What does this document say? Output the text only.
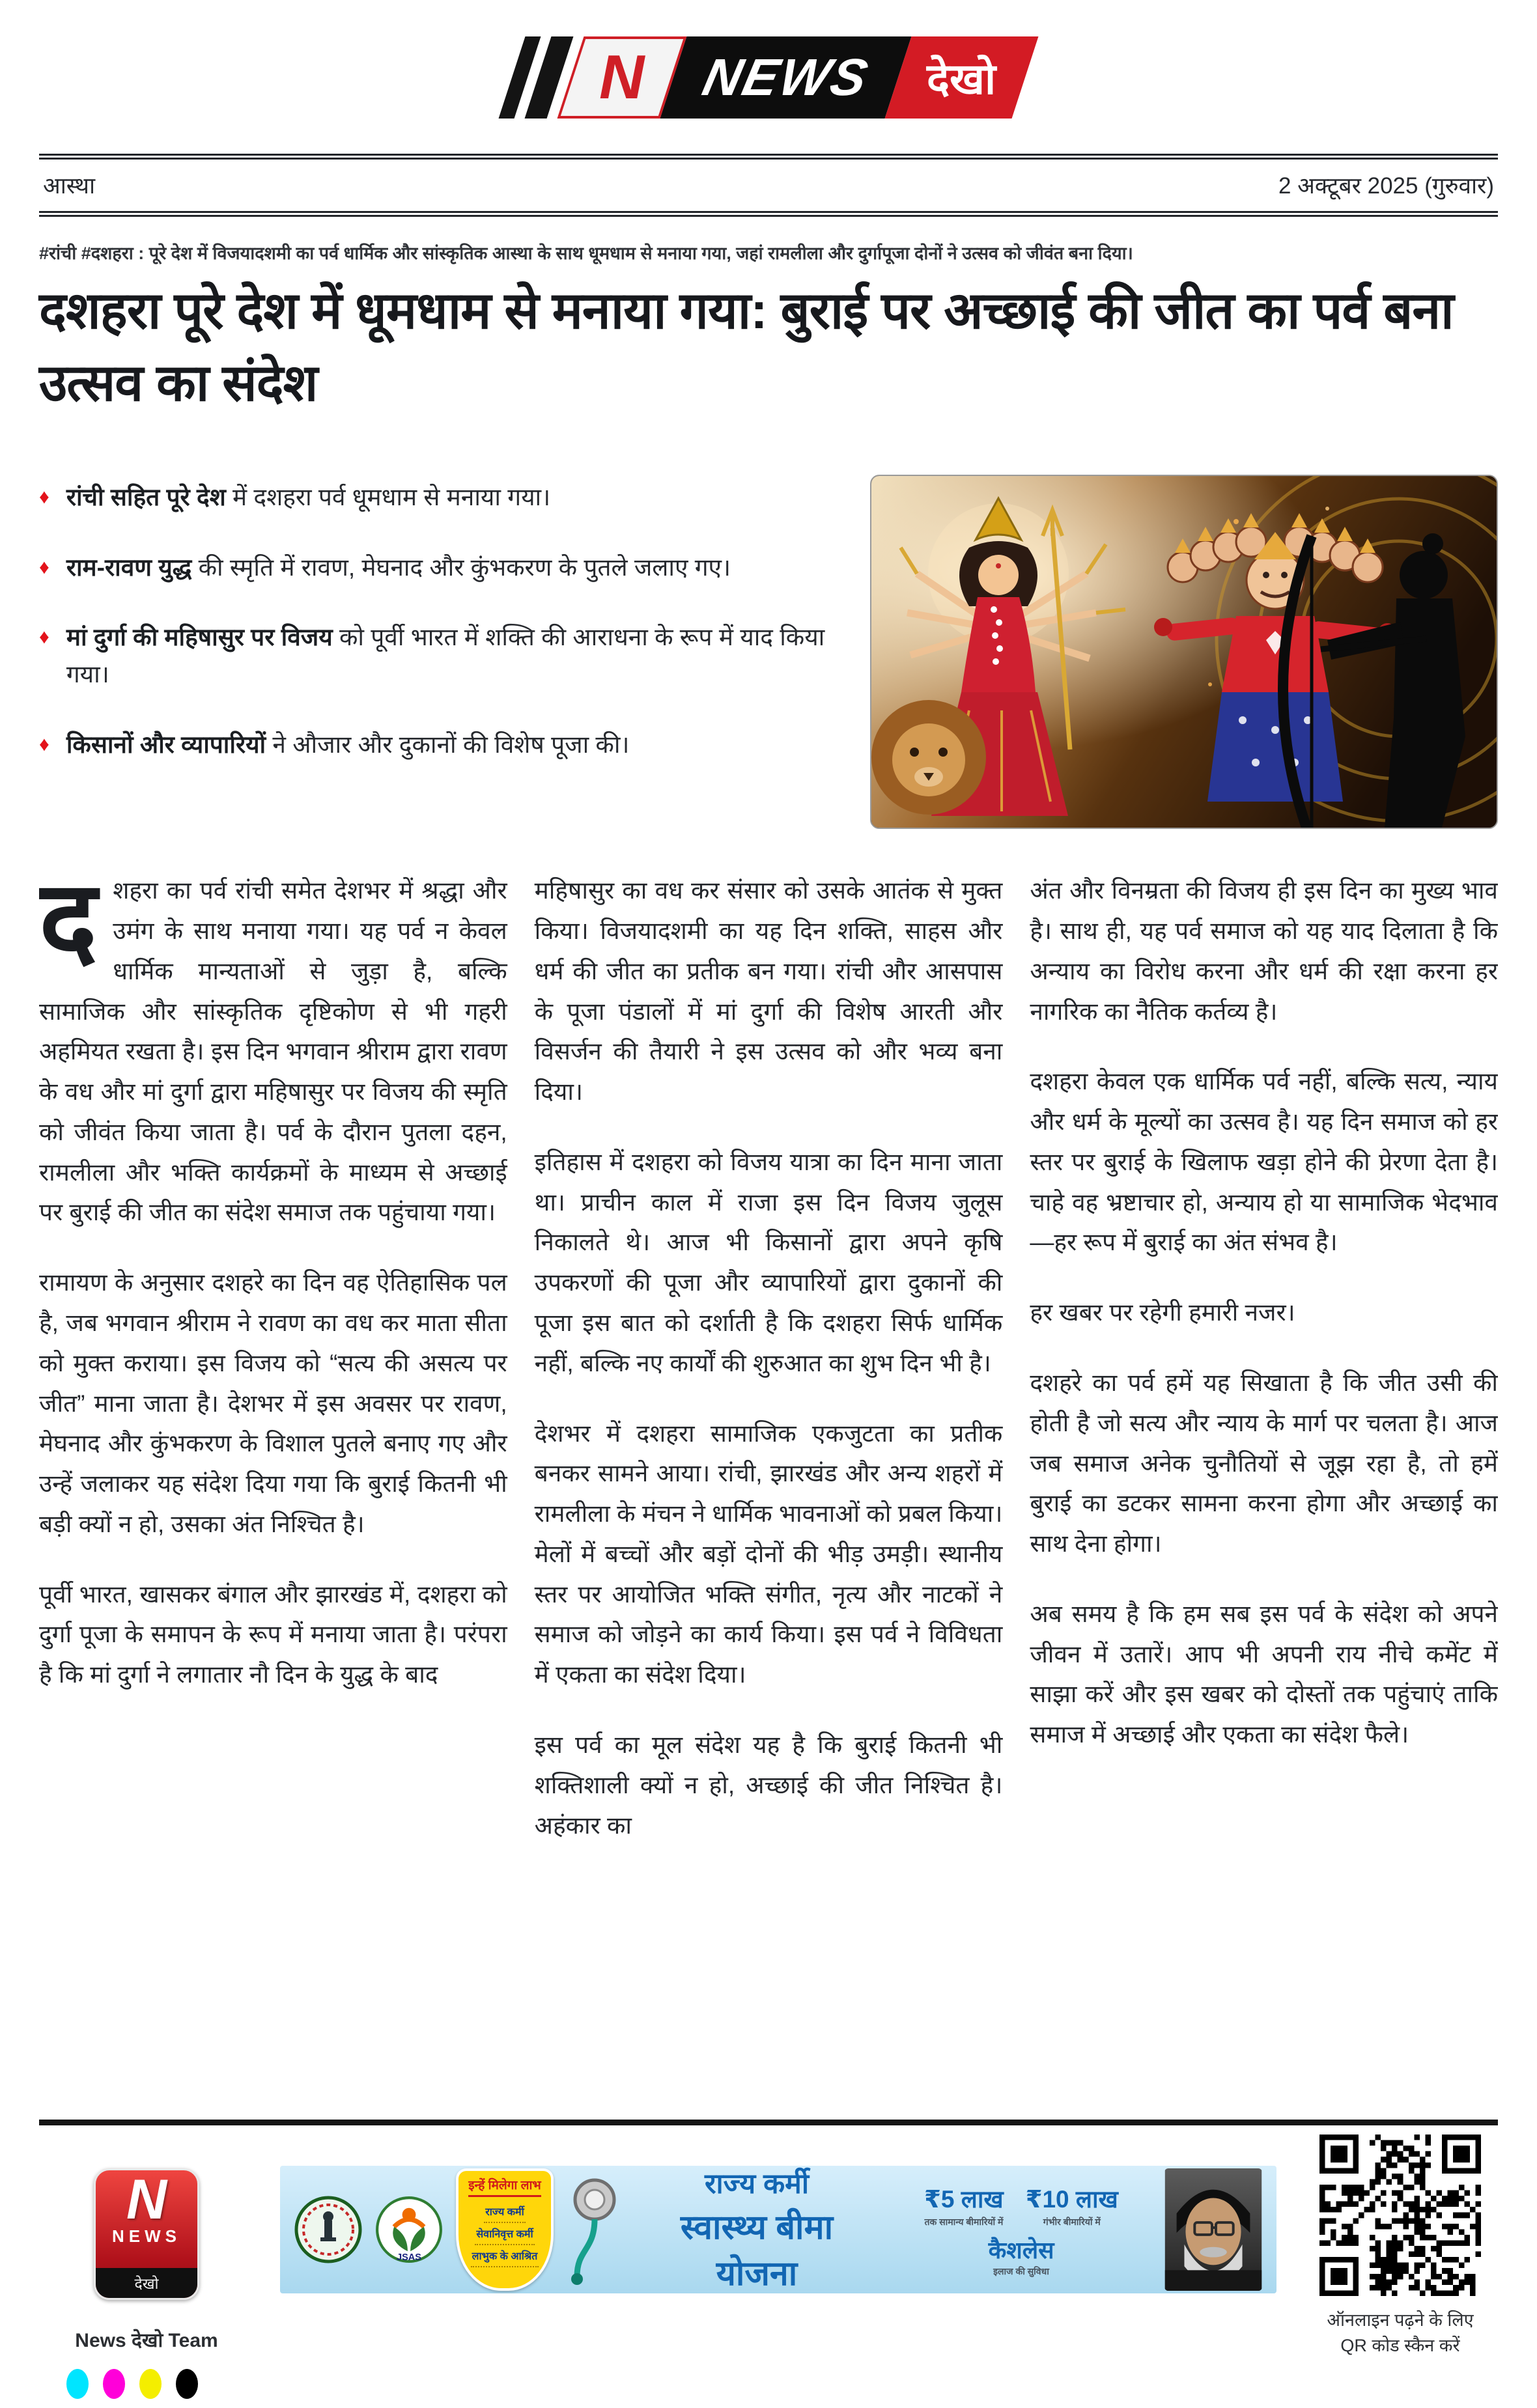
N NEWS देखो
आस्था	2 अक्टूबर 2025 (गुरुवार)
#रांची #दशहरा : पूरे देश में विजयादशमी का पर्व धार्मिक और सांस्कृतिक आस्था के साथ धूमधाम से मनाया गया, जहां रामलीला और दुर्गापूजा दोनों ने उत्सव को जीवंत बना दिया।
दशहरा पूरे देश में धूमधाम से मनाया गया: बुराई पर अच्छाई की जीत का पर्व बना उत्सव का संदेश
♦ रांची सहित पूरे देश में दशहरा पर्व धूमधाम से मनाया गया।
♦ राम-रावण युद्ध की स्मृति में रावण, मेघनाद और कुंभकरण के पुतले जलाए गए।
♦ मां दुर्गा की महिषासुर पर विजय को पूर्वी भारत में शक्ति की आराधना के रूप में याद किया गया।
♦ किसानों और व्यापारियों ने औजार और दुकानों की विशेष पूजा की।

दशहरा का पर्व रांची समेत देशभर में श्रद्धा और उमंग के साथ मनाया गया। यह पर्व न केवल धार्मिक मान्यताओं से जुड़ा है, बल्कि सामाजिक और सांस्कृतिक दृष्टिकोण से भी गहरी अहमियत रखता है। इस दिन भगवान श्रीराम द्वारा रावण के वध और मां दुर्गा द्वारा महिषासुर पर विजय की स्मृति को जीवंत किया जाता है। पर्व के दौरान पुतला दहन, रामलीला और भक्ति कार्यक्रमों के माध्यम से अच्छाई पर बुराई की जीत का संदेश समाज तक पहुंचाया गया।

रामायण के अनुसार दशहरे का दिन वह ऐतिहासिक पल है, जब भगवान श्रीराम ने रावण का वध कर माता सीता को मुक्त कराया। इस विजय को “सत्य की असत्य पर जीत” माना जाता है। देशभर में इस अवसर पर रावण, मेघनाद और कुंभकरण के विशाल पुतले बनाए गए और उन्हें जलाकर यह संदेश दिया गया कि बुराई कितनी भी बड़ी क्यों न हो, उसका अंत निश्चित है।

पूर्वी भारत, खासकर बंगाल और झारखंड में, दशहरा को दुर्गा पूजा के समापन के रूप में मनाया जाता है। परंपरा है कि मां दुर्गा ने लगातार नौ दिन के युद्ध के बाद

महिषासुर का वध कर संसार को उसके आतंक से मुक्त किया। विजयादशमी का यह दिन शक्ति, साहस और धर्म की जीत का प्रतीक बन गया। रांची और आसपास के पूजा पंडालों में मां दुर्गा की विशेष आरती और विसर्जन की तैयारी ने इस उत्सव को और भव्य बना दिया।

इतिहास में दशहरा को विजय यात्रा का दिन माना जाता था। प्राचीन काल में राजा इस दिन विजय जुलूस निकालते थे। आज भी किसानों द्वारा अपने कृषि उपकरणों की पूजा और व्यापारियों द्वारा दुकानों की पूजा इस बात को दर्शाती है कि दशहरा सिर्फ धार्मिक नहीं, बल्कि नए कार्यों की शुरुआत का शुभ दिन भी है।

देशभर में दशहरा सामाजिक एकजुटता का प्रतीक बनकर सामने आया। रांची, झारखंड और अन्य शहरों में रामलीला के मंचन ने धार्मिक भावनाओं को प्रबल किया। मेलों में बच्चों और बड़ों दोनों की भीड़ उमड़ी। स्थानीय स्तर पर आयोजित भक्ति संगीत, नृत्य और नाटकों ने समाज को जोड़ने का कार्य किया। इस पर्व ने विविधता में एकता का संदेश दिया।

इस पर्व का मूल संदेश यह है कि बुराई कितनी भी शक्तिशाली क्यों न हो, अच्छाई की जीत निश्चित है। अहंकार का

अंत और विनम्रता की विजय ही इस दिन का मुख्य भाव है। साथ ही, यह पर्व समाज को यह याद दिलाता है कि अन्याय का विरोध करना और धर्म की रक्षा करना हर नागरिक का नैतिक कर्तव्य है।

दशहरा केवल एक धार्मिक पर्व नहीं, बल्कि सत्य, न्याय और धर्म के मूल्यों का उत्सव है। यह दिन समाज को हर स्तर पर बुराई के खिलाफ खड़ा होने की प्रेरणा देता है। चाहे वह भ्रष्टाचार हो, अन्याय हो या सामाजिक भेदभाव—हर रूप में बुराई का अंत संभव है।

हर खबर पर रहेगी हमारी नजर।

दशहरे का पर्व हमें यह सिखाता है कि जीत उसी की होती है जो सत्य और न्याय के मार्ग पर चलता है। आज जब समाज अनेक चुनौतियों से जूझ रहा है, तो हमें बुराई का डटकर सामना करना होगा और अच्छाई का साथ देना होगा।

अब समय है कि हम सब इस पर्व के संदेश को अपने जीवन में उतारें। आप भी अपनी राय नीचे कमेंट में साझा करें और इस खबर को दोस्तों तक पहुंचाएं ताकि समाज में अच्छाई और एकता का संदेश फैले।

N
NEWS
देखो
News देखो Team
JSAS
इन्हें मिलेगा लाभ
राज्य कर्मी
सेवानिवृत्त कर्मी
लाभुक के आश्रित
राज्य कर्मी
स्वास्थ्य बीमा योजना
₹5 लाख
तक सामान्य बीमारियों में
₹10 लाख
गंभीर बीमारियों में
कैशलेस
इलाज की सुविधा
ऑनलाइन पढ़ने के लिए
QR कोड स्कैन करें
